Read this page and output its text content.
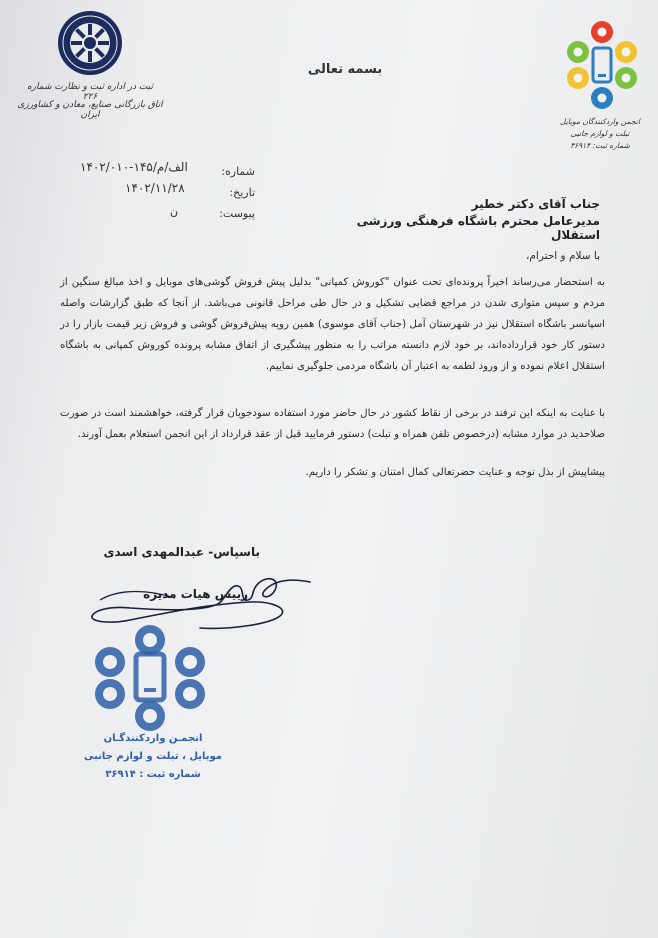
ثبت در اداره ثبت و نظارت شماره ۲۲۶
اتاق بازرگانی صنایع، معادن و کشاورزی ایران
انجمن واردکنندگان موبایل
تبلت و لوازم جانبی
شماره ثبت: ۳۶۹۱۴
بسمه تعالی
شماره:
۱۴۰۲/الف/م/۱۴۵-۰۱۰
تاریخ:
۱۴۰۲/۱۱/۲۸
پیوست:
ن
جناب آقای دکتر خطیر
مدیرعامل محترم باشگاه فرهنگی ورزشی استقلال
با سلام و احترام،
به استحضار می‌رساند اخیراً پرونده‌ای تحت عنوان "کوروش کمپانی" بدلیل پیش فروش گوشی‌های موبایل و اخذ مبالغ سنگین از مردم و سپس متواری شدن در مراجع قضایی تشکیل و در حال طی مراحل قانونی می‌باشد. از آنجا که طبق گزارشات واصله اسپانسر باشگاه استقلال نیز در شهرستان آمل (جناب آقای موسوی) همین رویه پیش‌فروش گوشی و فروش زیر قیمت بازار را در دستور کار خود قرارداده‌اند، بر خود لازم دانسته مراتب را به منظور پیشگیری از اتفاق مشابه پرونده کوروش کمپانی به باشگاه استقلال اعلام نموده و از ورود لطمه به اعتبار آن باشگاه مردمی جلوگیری نماییم.
با عنایت به اینکه این ترفند در برخی از نقاط کشور در حال حاضر مورد استفاده سودجویان قرار گرفته، خواهشمند است در صورت صلاحدید در موارد مشابه (درخصوص تلفن همراه و تبلت) دستور فرمایید قبل از عقد قرارداد از این انجمن استعلام بعمل آورند.
پیشاپیش از بذل توجه و عنایت حضرتعالی کمال امتنان و تشکر را داریم.
باسپاس- عبدالمهدی اسدی
رییس هیات مدیره
انجمـن واردکنندگـان
موبایل ، تبلت و لوازم جانبی
شماره ثبت : ۳۶۹۱۴
